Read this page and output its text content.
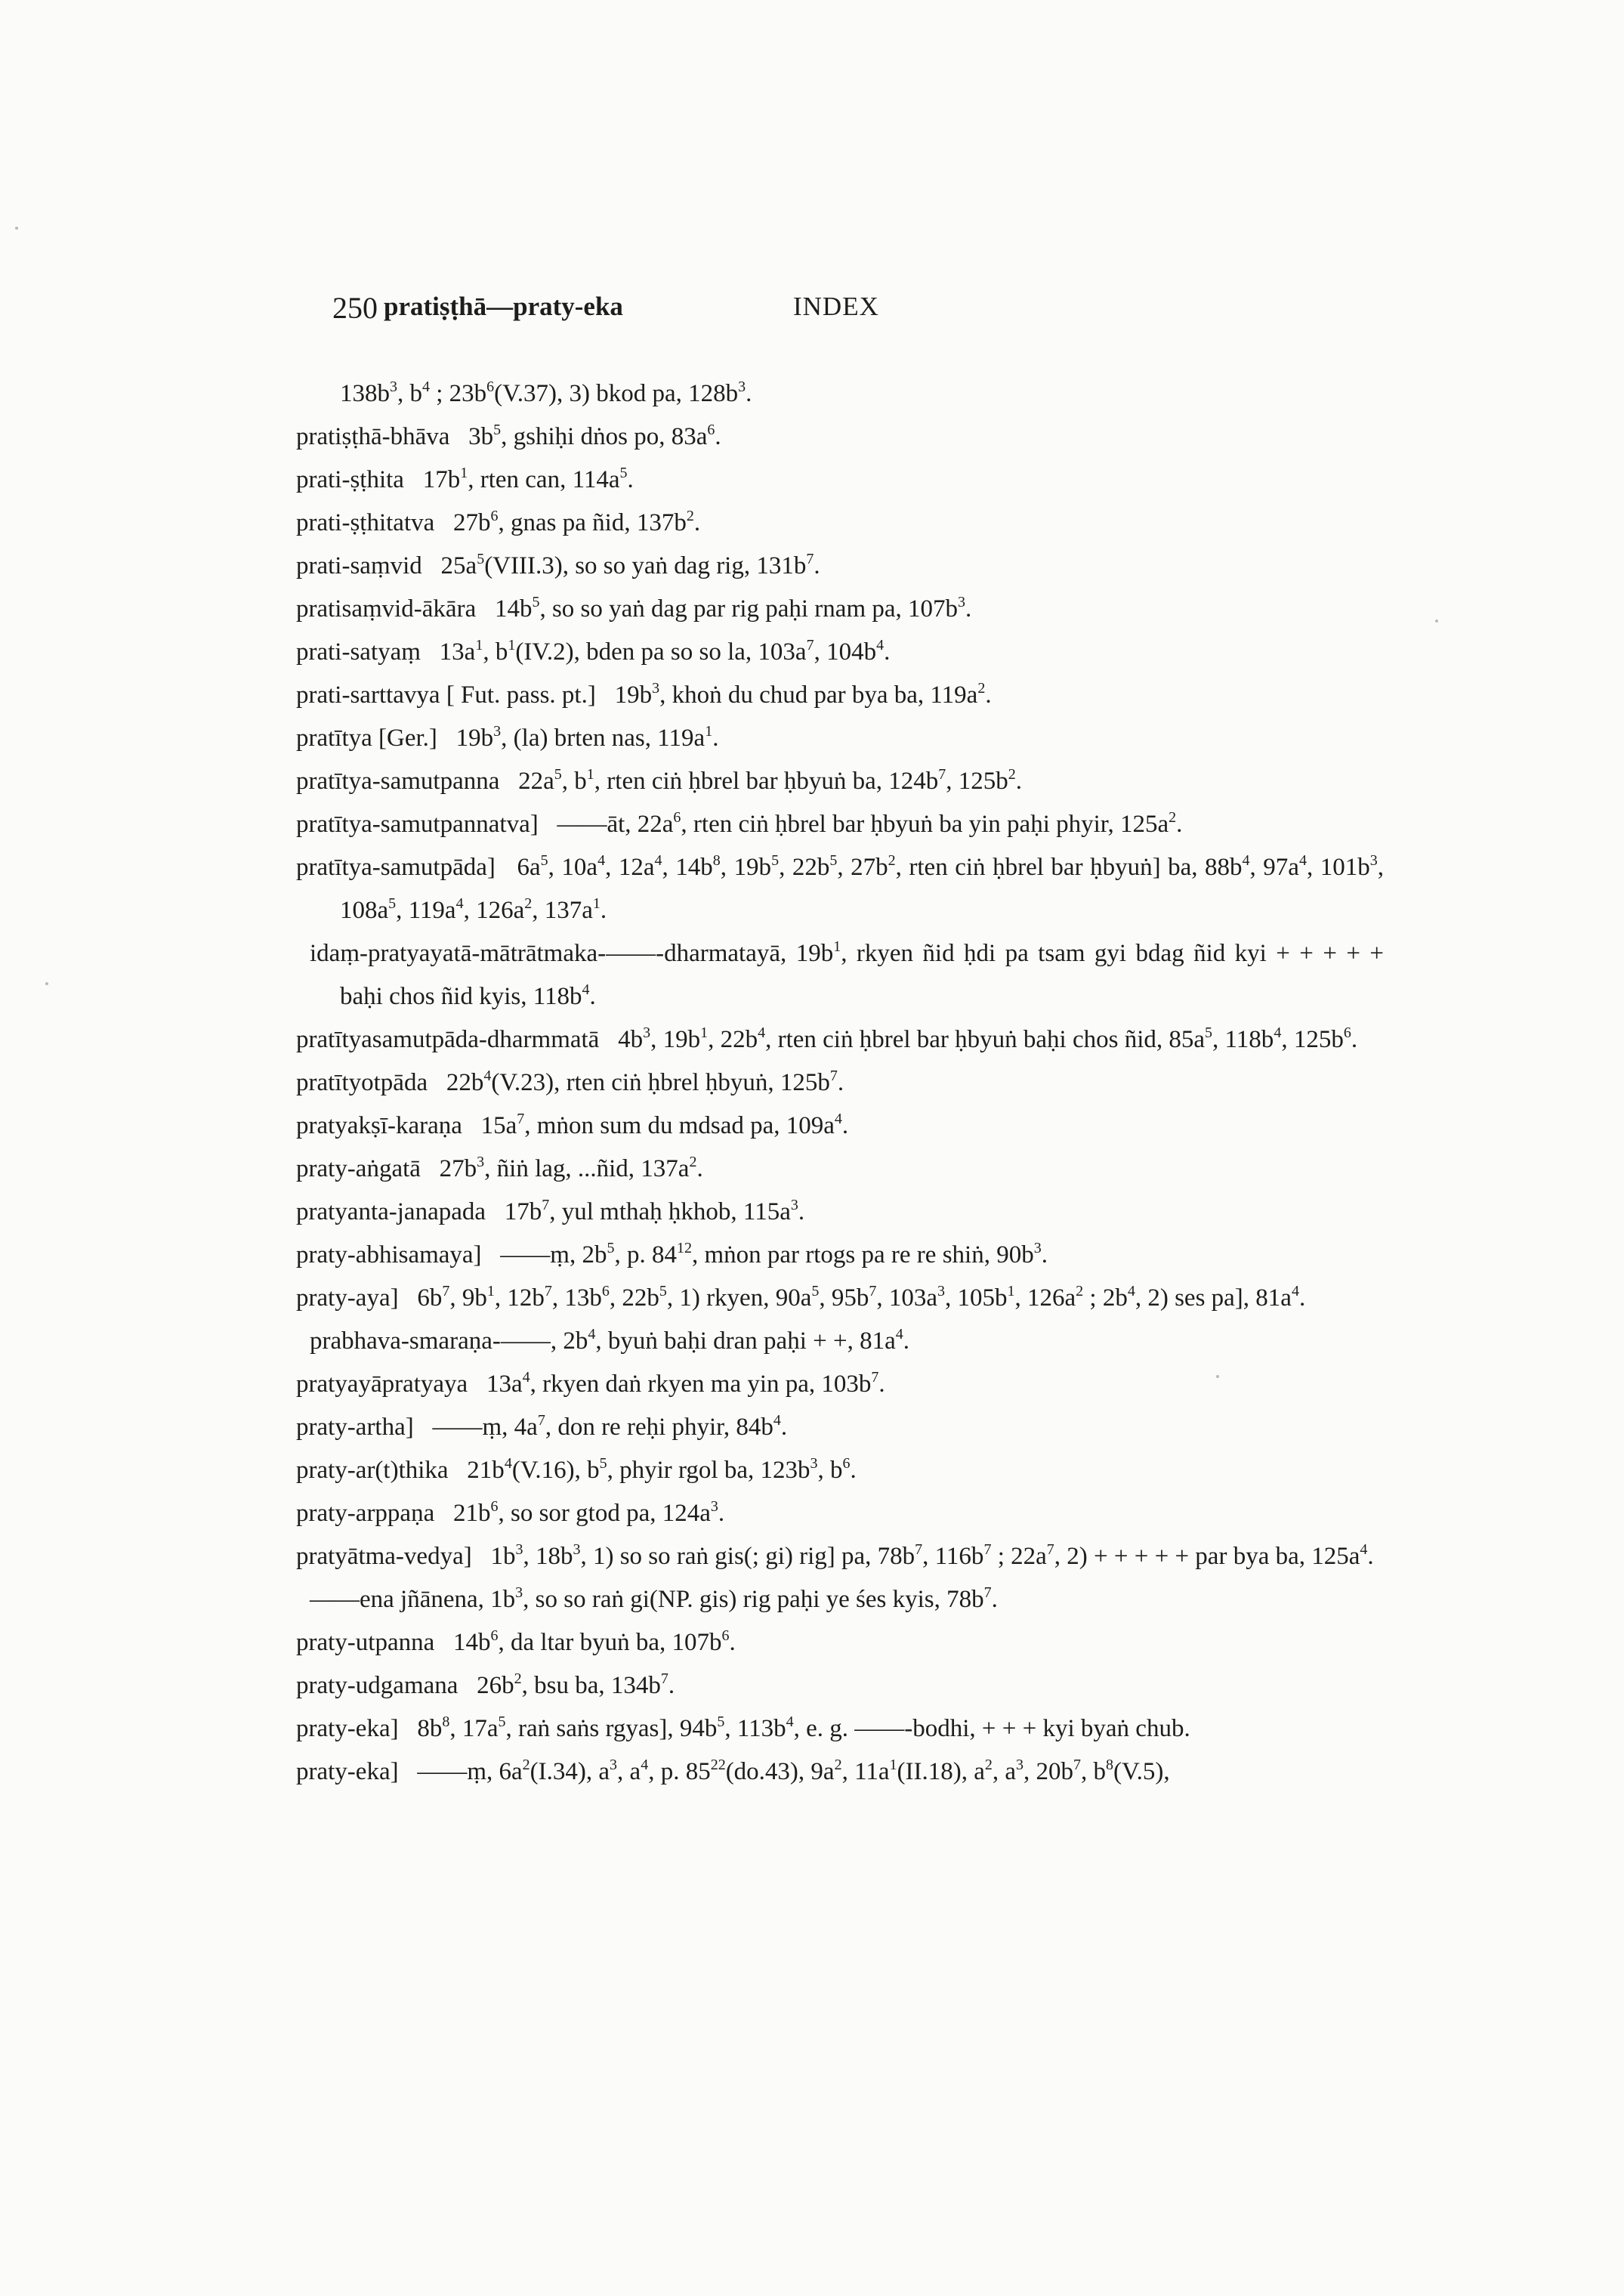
250 pratiṣṭhā—praty-eka	INDEX

$138b^3$, $b^4$ ; $23b^6(V.37)$, 3) bkod pa, $128b^3$.

pratiṣṭhā-bhāva   $3b^5$, gshiḥi dṅos po, $83a^6$.

prati-ṣṭhita   $17b^1$, rten can, $114a^5$.

prati-ṣṭhitatva   $27b^6$, gnas pa ñid, $137b^2$.

prati-saṃvid   $25a^5(VIII.3)$, so so yaṅ dag rig, $131b^7$.

pratisaṃvid-ākāra   $14b^5$, so so yaṅ dag par rig paḥi rnam pa, $107b^3$.

prati-satyaṃ   $13a^1$, $b^1(IV.2)$, bden pa so so la, $103a^7$, $104b^4$.

prati-sarttavya [ Fut. pass. pt.]   $19b^3$, khoṅ du chud par bya ba, $119a^2$.

pratītya [Ger.]   $19b^3$, (la) brten nas, $119a^1$.

pratītya-samutpanna   $22a^5$, $b^1$, rten ciṅ ḥbrel bar ḥbyuṅ ba, $124b^7$, $125b^2$.

pratītya-samutpannatva]   ——āt, $22a^6$, rten ciṅ ḥbrel bar ḥbyuṅ ba yin paḥi phyir, $125a^2$.

pratītya-samutpāda]   $6a^5$, $10a^4$, $12a^4$, $14b^8$, $19b^5$, $22b^5$, $27b^2$, rten ciṅ ḥbrel bar ḥbyuṅ] ba, $88b^4$, $97a^4$, $101b^3$, $108a^5$, $119a^4$, $126a^2$, $137a^1$.

idaṃ-pratyayatā-mātrātmaka-——-dharmatayā, $19b^1$, rkyen ñid ḥdi pa tsam gyi bdag ñid kyi + + + + + baḥi chos ñid kyis, $118b^4$.

pratītyasamutpāda-dharmmatā   $4b^3$, $19b^1$, $22b^4$, rten ciṅ ḥbrel bar ḥbyuṅ baḥi chos ñid, $85a^5$, $118b^4$, $125b^6$.

pratītyotpāda   $22b^4(V.23)$, rten ciṅ ḥbrel ḥbyuṅ, $125b^7$.

pratyakṣī-karaṇa   $15a^7$, mṅon sum du mdsad pa, $109a^4$.

praty-aṅgatā   $27b^3$, ñiṅ lag, ...ñid, $137a^2$.

pratyanta-janapada   $17b^7$, yul mthaḥ ḥkhob, $115a^3$.

praty-abhisamaya]   ——ṃ, $2b^5$, p. $84^{12}$, mṅon par rtogs pa re re shiṅ, $90b^3$.

praty-aya]   $6b^7$, $9b^1$, $12b^7$, $13b^6$, $22b^5$, 1) rkyen, $90a^5$, $95b^7$, $103a^3$, $105b^1$, $126a^2$ ; $2b^4$, 2) ses pa], $81a^4$.

prabhava-smaraṇa-——, $2b^4$, byuṅ baḥi dran paḥi + +, $81a^4$.

pratyayāpratyaya   $13a^4$, rkyen daṅ rkyen ma yin pa, $103b^7$.

praty-artha]   ——ṃ, $4a^7$, don re reḥi phyir, $84b^4$.

praty-ar(t)thika   $21b^4(V.16)$, $b^5$, phyir rgol ba, $123b^3$, $b^6$.

praty-arppaṇa   $21b^6$, so sor gtod pa, $124a^3$.

pratyātma-vedya]   $1b^3$, $18b^3$, 1) so so raṅ gis(; gi) rig] pa, $78b^7$, $116b^7$ ; $22a^7$, 2) + + + + + par bya ba, $125a^4$.

——ena jñānena, $1b^3$, so so raṅ gi(NP. gis) rig paḥi ye śes kyis, $78b^7$.

praty-utpanna   $14b^6$, da ltar byuṅ ba, $107b^6$.

praty-udgamana   $26b^2$, bsu ba, $134b^7$.

praty-eka]   $8b^8$, $17a^5$, raṅ saṅs rgyas], $94b^5$, $113b^4$, e. g. ——-bodhi, + + + kyi byaṅ chub.

praty-eka]   ——ṃ, $6a^2(I.34)$, $a^3$, $a^4$, p. $85^{22}(do.43)$, $9a^2$, $11a^1(II.18)$, $a^2$, $a^3$, $20b^7$, $b^8(V.5)$,
